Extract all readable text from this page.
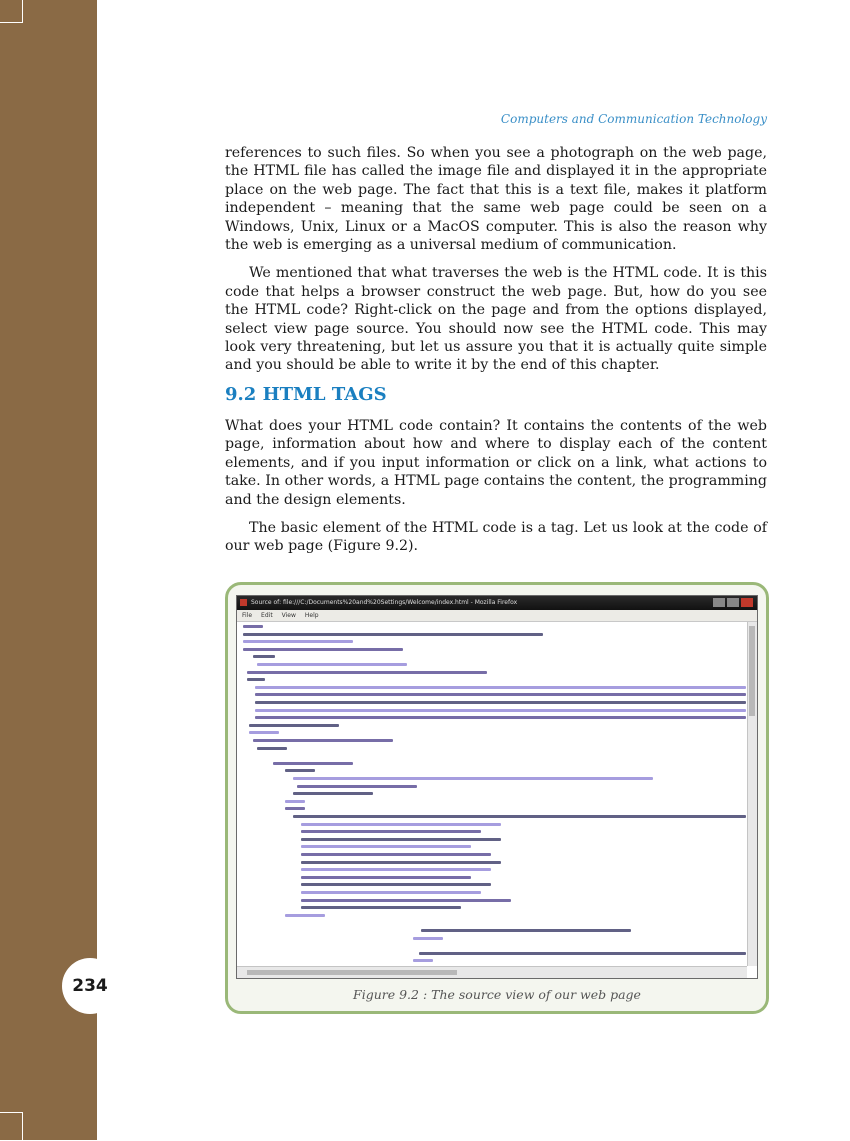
234
Computers and Communication Technology

references to such files. So when you see a photograph on the web page, the HTML file has called the image file and displayed it in the appropriate place on the web page. The fact that this is a text file, makes it platform independent – meaning that the same web page could be seen on a Windows, Unix, Linux or a MacOS computer. This is also the reason why the web is emerging as a universal medium of communication.

We mentioned that what traverses the web is the HTML code. It is this code that helps a browser construct the web page. But, how do you see the HTML code? Right-click on the page and from the options displayed, select view page source. You should now see the HTML code. This may look very threatening, but let us assure you that it is actually quite simple and you should be able to write it by the end of this chapter.

9.2 HTML TAGS

What does your HTML code contain? It contains the contents of the web page, information about how and where to display each of the content elements, and if you input information or click on a link, what actions to take. In other words, a HTML page contains the content, the programming and the design elements.

The basic element of the HTML code is a tag. Let us look at the code of our web page (Figure 9.2).

Source of: file:///C:/Documents%20and%20Settings/Welcome/index.html - Mozilla Firefox
File Edit View Help
Figure 9.2 : The source view of our web page
